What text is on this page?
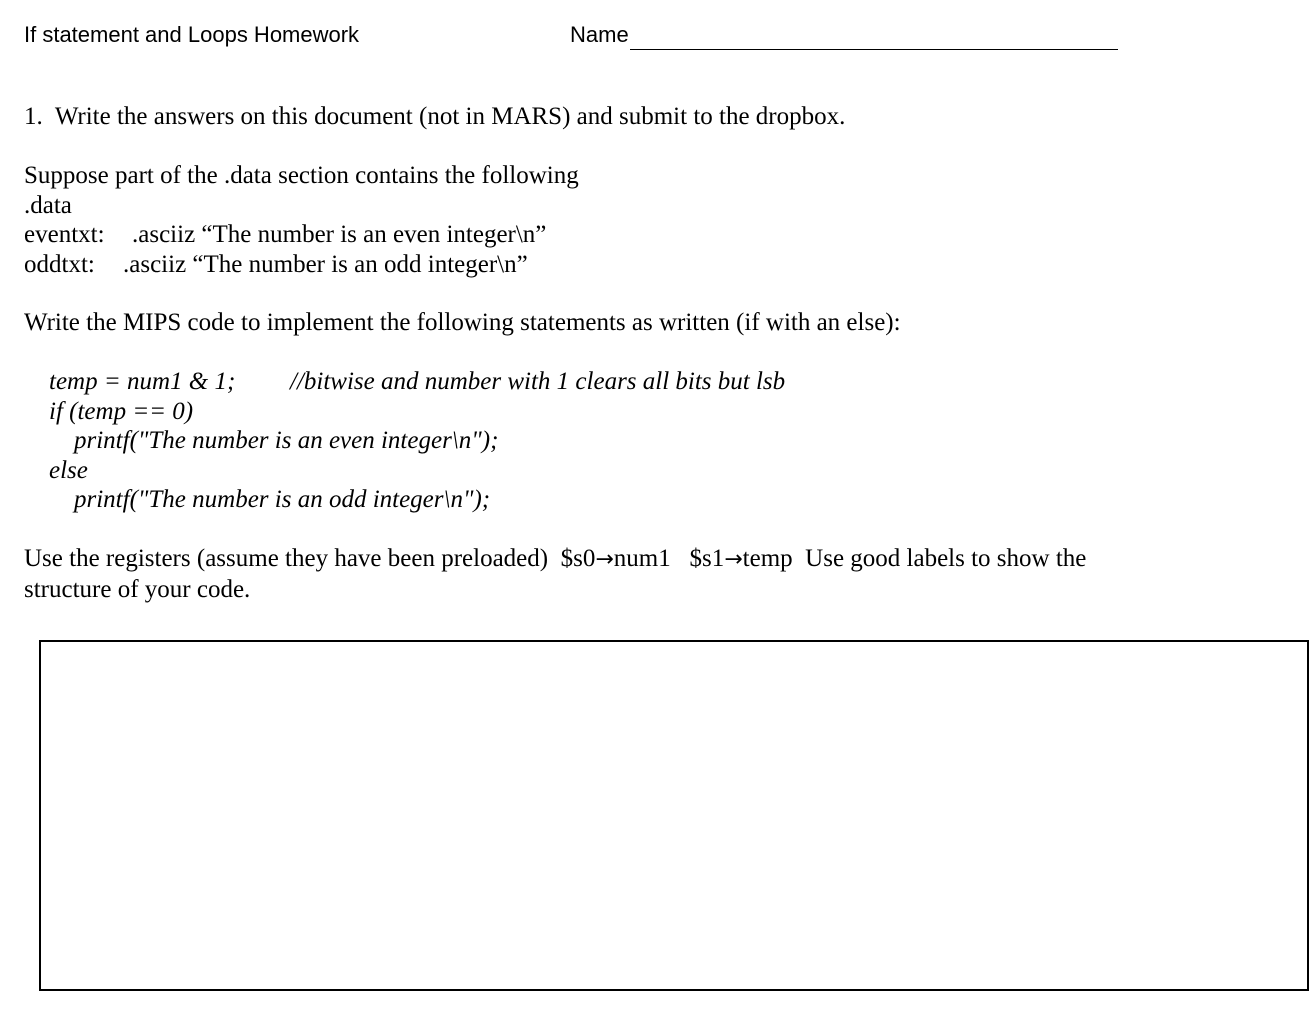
If statement and Loops Homework	Name
1. Write the answers on this document (not in MARS) and submit to the dropbox.
Suppose part of the .data section contains the following
.data
eventxt: .asciiz “The number is an even integer\n”
oddtxt: .asciiz “The number is an odd integer\n”
Write the MIPS code to implement the following statements as written (if with an else):
temp = num1 & 1; //bitwise and number with 1 clears all bits but lsb
if (temp == 0)
printf("The number is an even integer\n");
else
printf("The number is an odd integer\n");
Use the registers (assume they have been preloaded) $s0→num1 $s1→temp Use good labels to show the structure of your code.
